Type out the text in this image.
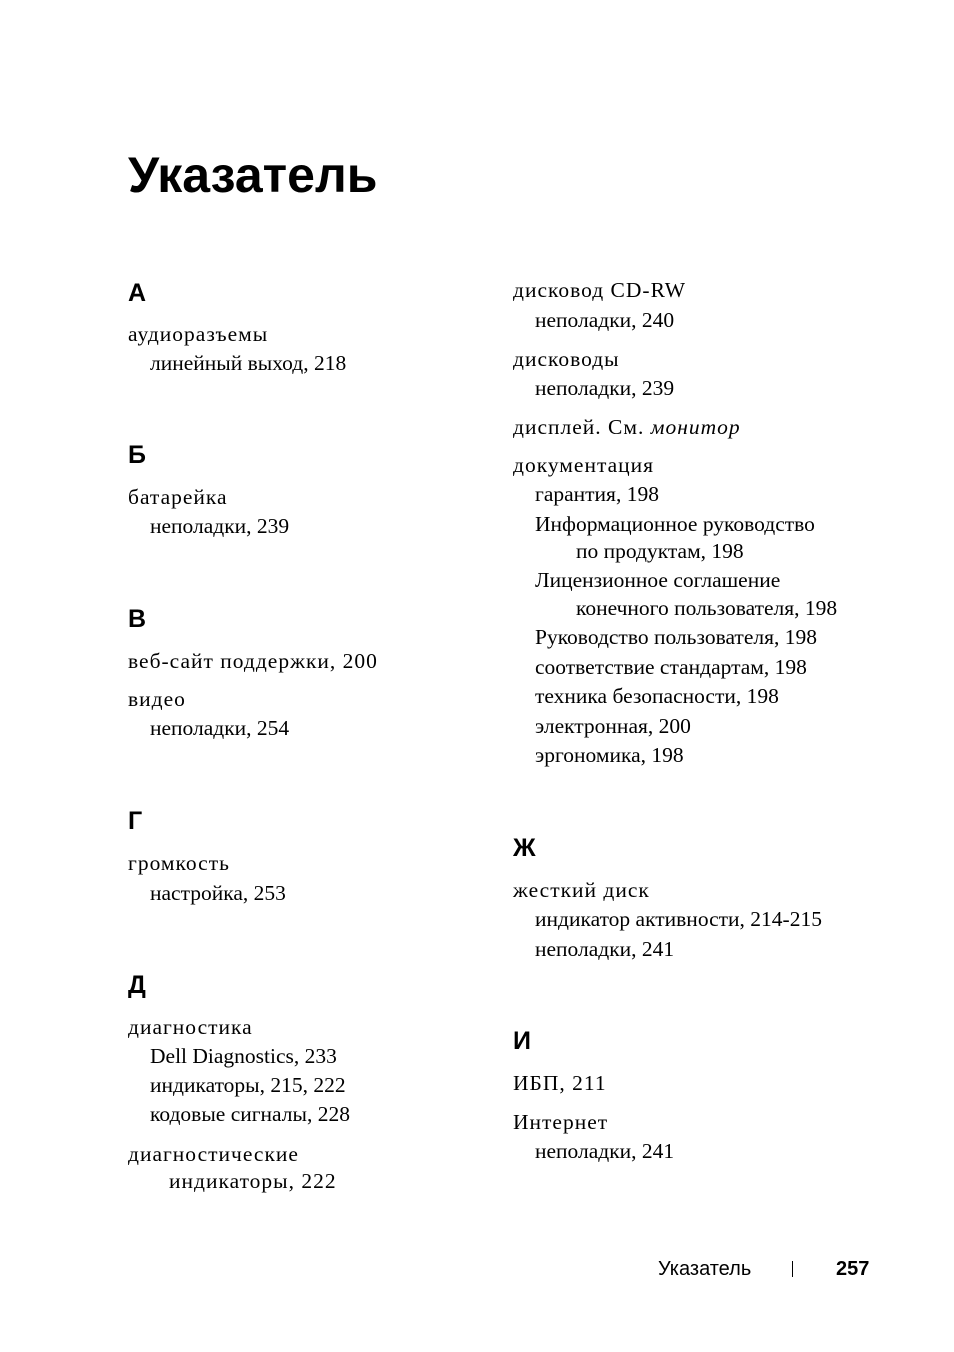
Указатель
А
аудиоразъемы
линейный выход, 218
Б
батарейка
неполадки, 239
В
веб-сайт поддержки, 200
видео
неполадки, 254
Г
громкость
настройка, 253
Д
диагностика
Dell Diagnostics, 233
индикаторы, 215, 222
кодовые сигналы, 228
диагностические
индикаторы, 222
дисковод CD-RW
неполадки, 240
дисководы
неполадки, 239
дисплей. См. монитор
документация
гарантия, 198
Информационное руководство
по продуктам, 198
Лицензионное соглашение
конечного пользователя, 198
Руководство пользователя, 198
соответствие стандартам, 198
техника безопасности, 198
электронная, 200
эргономика, 198
Ж
жесткий диск
индикатор активности, 214-215
неполадки, 241
И
ИБП, 211
Интернет
неполадки, 241
Указатель	257
